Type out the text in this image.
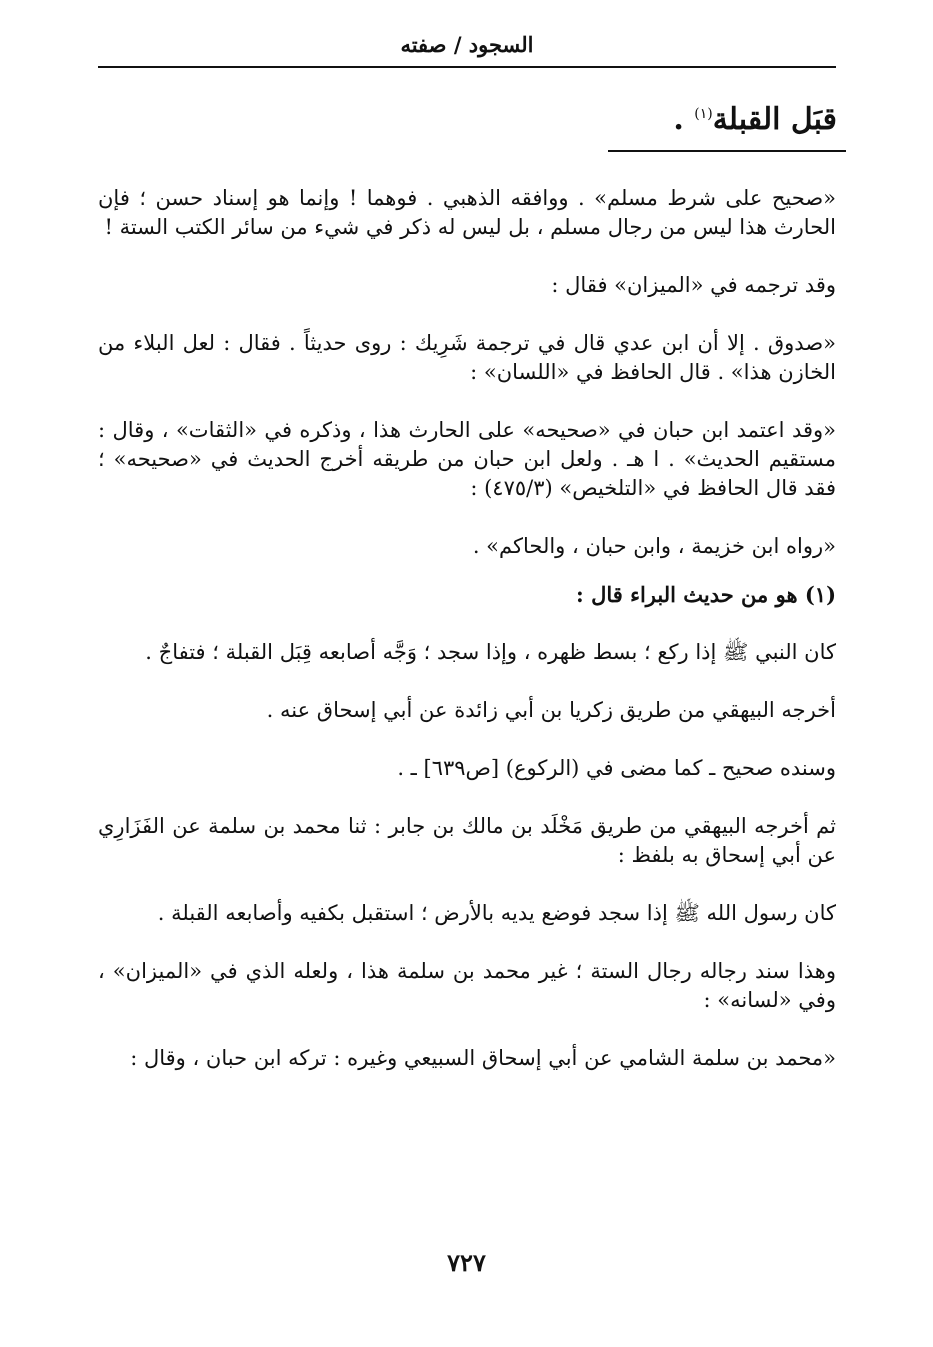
السجود / صفته
قبَل القبلة$^{(١)}$ .

«صحيح على شرط مسلم» . ووافقه الذهبي . فوهما ! وإنما هو إسناد حسن ؛ فإن الحارث هذا ليس من رجال مسلم ، بل ليس له ذكر في شيء من سائر الكتب الستة !

وقد ترجمه في «الميزان» فقال :

«صدوق . إلا أن ابن عدي قال في ترجمة شَرِيك : روى حديثاً . فقال : لعل البلاء من الخازن هذا» . قال الحافظ في «اللسان» :

«وقد اعتمد ابن حبان في «صحيحه» على الحارث هذا ، وذكره في «الثقات» ، وقال : مستقيم الحديث» . ا هـ . ولعل ابن حبان من طريقه أخرج الحديث في «صحيحه» ؛ فقد قال الحافظ في «التلخيص» (٤٧٥/٣) :

«رواه ابن خزيمة ، وابن حبان ، والحاكم» .

(١) هو من حديث البراء قال :

كان النبي ﷺ إذا ركع ؛ بسط ظهره ، وإذا سجد ؛ وَجَّه أصابعه قِبَل القبلة ؛ فتفاجٌ .

أخرجه البيهقي من طريق زكريا بن أبي زائدة عن أبي إسحاق عنه .

وسنده صحيح ـ كما مضى في (الركوع) [ص٦٣٩] ـ .

ثم أخرجه البيهقي من طريق مَخْلَد بن مالك بن جابر : ثنا محمد بن سلمة عن الفَزَارِي عن أبي إسحاق به بلفظ :

كان رسول الله ﷺ إذا سجد فوضع يديه بالأرض ؛ استقبل بكفيه وأصابعه القبلة .

وهذا سند رجاله رجال الستة ؛ غير محمد بن سلمة هذا ، ولعله الذي في «الميزان» ، وفي «لسانه» :

«محمد بن سلمة الشامي عن أبي إسحاق السبيعي وغيره : تركه ابن حبان ، وقال :

٧٢٧
